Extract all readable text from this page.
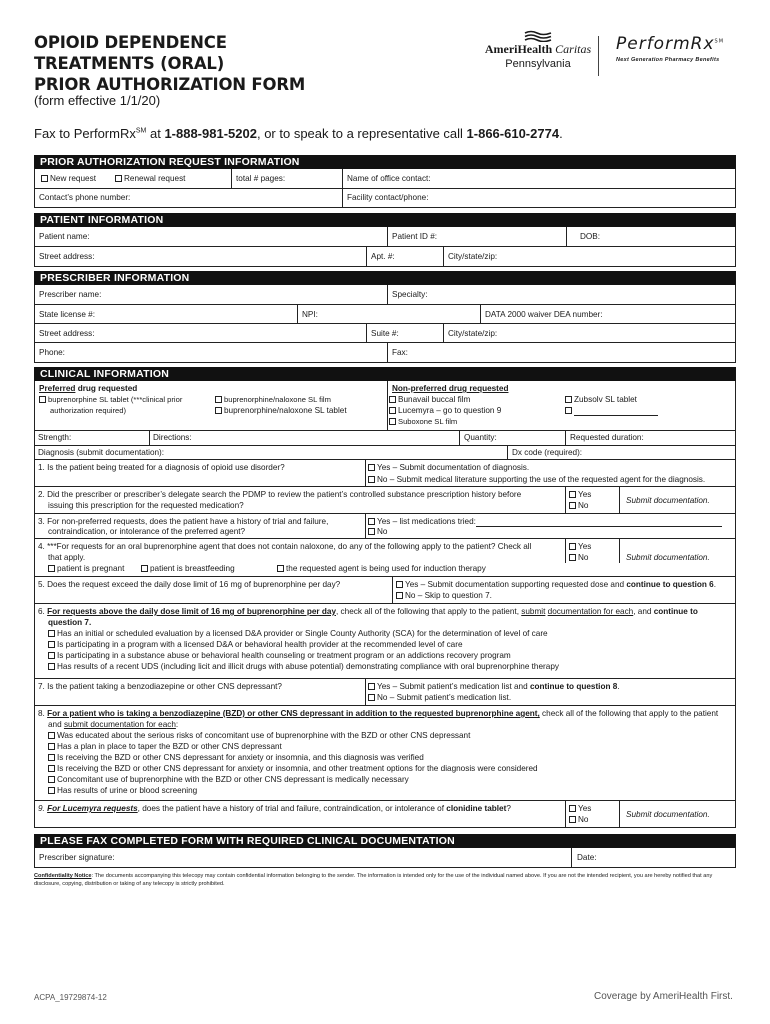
OPIOID DEPENDENCE
TREATMENTS (ORAL)
PRIOR AUTHORIZATION FORM
(form effective 1/1/20)
AmeriHealth Caritas
Pennsylvania
PerformRx℠
Next Generation Pharmacy Benefits
Fax to PerformRx℠ at 1-888-981-5202, or to speak to a representative call 1-866-610-2774.
PRIOR AUTHORIZATION REQUEST INFORMATION
New request	Renewal request	total # pages:	Name of office contact:
Contact’s phone number:	Facility contact/phone:
PATIENT INFORMATION
Patient name:	Patient ID #:	DOB:
Street address:	Apt. #:	City/state/zip:
PRESCRIBER INFORMATION
Prescriber name:	Specialty:
State license #:	NPI:	DATA 2000 waiver DEA number:
Street address:	Suite #:	City/state/zip:
Phone:	Fax:
CLINICAL INFORMATION
Preferred drug requested
buprenorphine SL tablet (***clinical prior
authorization required)
buprenorphine/naloxone SL film
buprenorphine/naloxone SL tablet
Non-preferred drug requested
Bunavail buccal film
Lucemyra – go to question 9
Suboxone SL film
Zubsolv SL tablet
Strength:	Directions:	Quantity:	Requested duration:
Diagnosis (submit documentation):	Dx code (required):
1. Is the patient being treated for a diagnosis of opioid use disorder?	Yes – Submit documentation of diagnosis.
No – Submit medical literature supporting the use of the requested agent for the diagnosis.
2. Did the prescriber or prescriber’s delegate search the PDMP to review the patient’s controlled substance prescription history before
issuing this prescription for the requested medication?
Yes
No
Submit documentation.
3. For non-preferred requests, does the patient have a history of trial and failure,
contraindication, or intolerance of the preferred agent?
Yes – list medications tried:
No
4. ***For requests for an oral buprenorphine agent that does not contain naloxone, do any of the following apply to the patient? Check all
that apply.
patient is pregnant	patient is breastfeeding	the requested agent is being used for induction therapy
Yes
No	Submit documentation.
5. Does the request exceed the daily dose limit of 16 mg of buprenorphine per day?	Yes – Submit documentation supporting requested dose and continue to question 6.
No – Skip to question 7.
6. For requests above the daily dose limit of 16 mg of buprenorphine per day, check all of the following that apply to the patient, submit documentation for each, and continue to
question 7.
Has an initial or scheduled evaluation by a licensed D&A provider or Single County Authority (SCA) for the determination of level of care
Is participating in a program with a licensed D&A or behavioral health provider at the recommended level of care
Is participating in a substance abuse or behavioral health counseling or treatment program or an addictions recovery program
Has results of a recent UDS (including licit and illicit drugs with abuse potential) demonstrating compliance with oral buprenorphine therapy
7. Is the patient taking a benzodiazepine or other CNS depressant?	Yes – Submit patient’s medication list and continue to question 8.
No – Submit patient’s medication list.
8. For a patient who is taking a benzodiazepine (BZD) or other CNS depressant in addition to the requested buprenorphine agent, check all of the following that apply to the patient
and submit documentation for each:
Was educated about the serious risks of concomitant use of buprenorphine with the BZD or other CNS depressant
Has a plan in place to taper the BZD or other CNS depressant
Is receiving the BZD or other CNS depressant for anxiety or insomnia, and this diagnosis was verified
Is receiving the BZD or other CNS depressant for anxiety or insomnia, and other treatment options for the diagnosis were considered
Concomitant use of buprenorphine with the BZD or other CNS depressant is medically necessary
Has results of urine or blood screening
9. For Lucemyra requests, does the patient have a history of trial and failure, contraindication, or intolerance of clonidine tablet?	Yes
No
Submit documentation.
PLEASE FAX COMPLETED FORM WITH REQUIRED CLINICAL DOCUMENTATION
Prescriber signature:	Date:
Confidentiality Notice: The documents accompanying this telecopy may contain confidential information belonging to the sender. The information is intended only for the use of the individual named above. If you are not the intended recipient, you are hereby notified that any disclosure, copying, distribution or taking of any telecopy is strictly prohibited.
ACPA_19729874-12	Coverage by AmeriHealth First.
